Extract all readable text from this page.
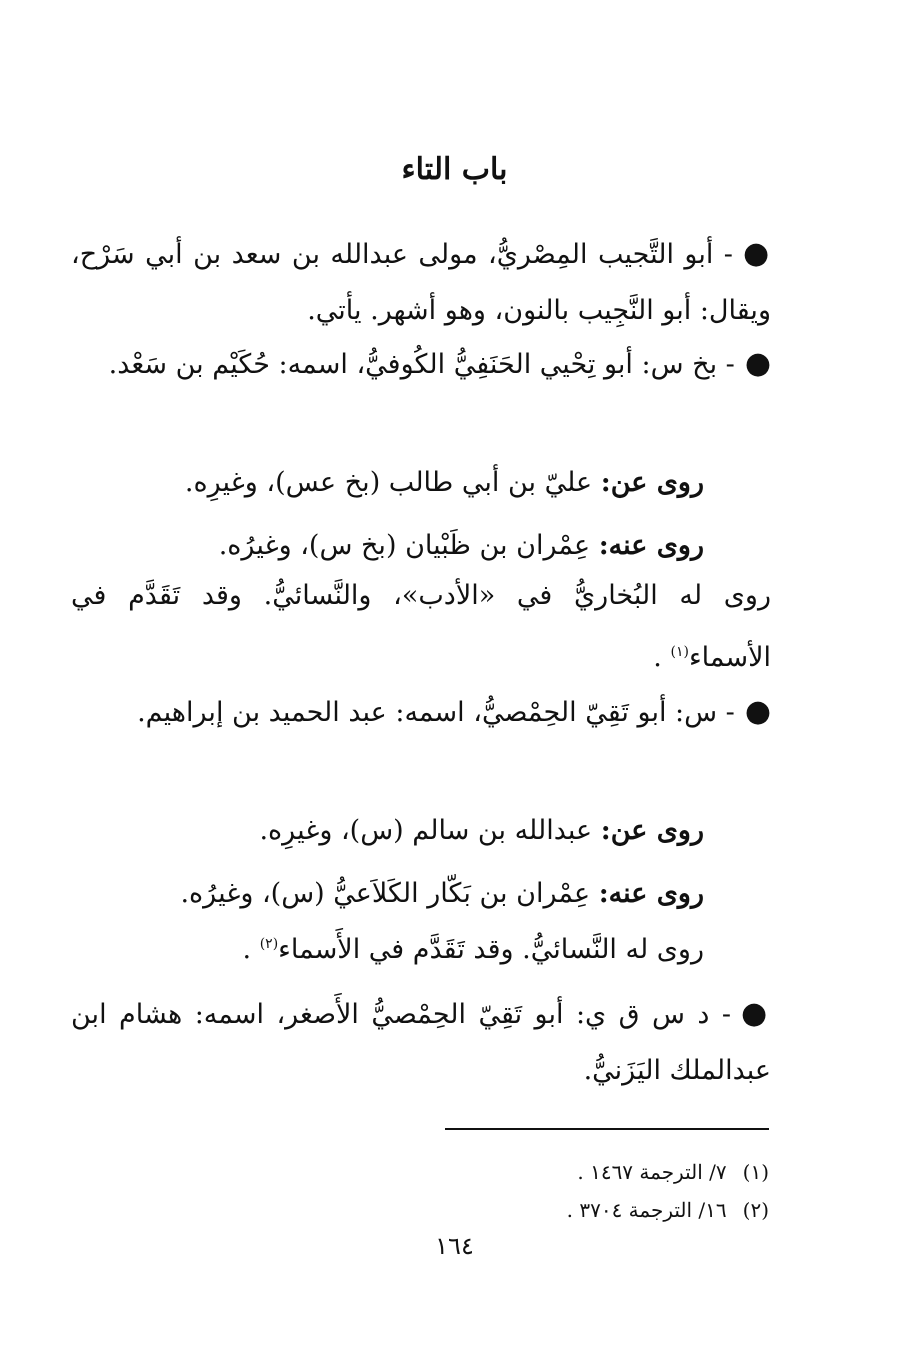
باب التاء
●- أبو التَّجيب المِصْريُّ، مولى عبدالله بن سعد بن أبي سَرْح، ويقال: أبو النَّجِيب بالنون، وهو أشهر. يأتي.
●- بخ س: أبو تِحْيي الحَنَفِيُّ الكُوفيُّ، اسمه: حُكَيْم بن سَعْد.
روى عن: عليّ بن أبي طالب (بخ عس)، وغيرِه.
روى عنه: عِمْران بن ظَبْيان (بخ س)، وغيرُه.
روى له البُخاريُّ في «الأدب»، والنَّسائيُّ. وقد تَقَدَّم في الأسماء$^{(١)}$ .
●- س: أبو تَقِيّ الحِمْصيُّ، اسمه: عبد الحميد بن إبراهيم.
روى عن: عبدالله بن سالم (س)، وغيرِه.
روى عنه: عِمْران بن بَكّار الكَلاَعيُّ (س)، وغيرُه.
روى له النَّسائيُّ. وقد تَقَدَّم في الأَسماء$^{(٢)}$ .
●- د س ق ي: أبو تَقِيّ الحِمْصيُّ الأَصغر، اسمه: هشام ابن عبدالملك اليَزَنيُّ.
(١)٧/ الترجمة ١٤٦٧ .
(٢)١٦/ الترجمة ٣٧٠٤ .
١٦٤
